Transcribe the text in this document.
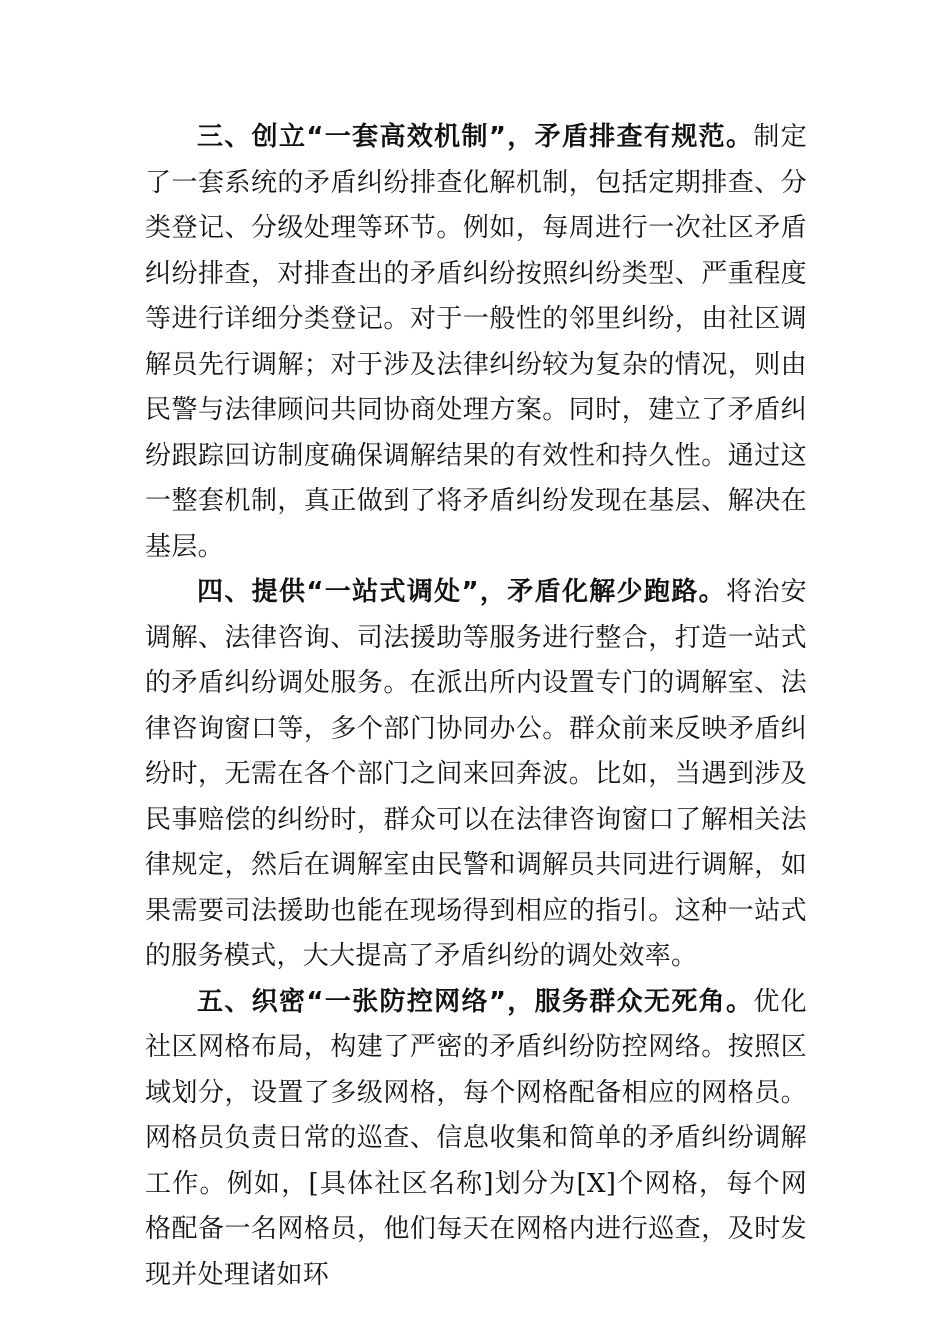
三、创立“一套高效机制”，矛盾排查有规范。制定了一套系统的矛盾纠纷排查化解机制，包括定期排查、分类登记、分级处理等环节。例如，每周进行一次社区矛盾纠纷排查，对排查出的矛盾纠纷按照纠纷类型、严重程度等进行详细分类登记。对于一般性的邻里纠纷，由社区调解员先行调解；对于涉及法律纠纷较为复杂的情况，则由民警与法律顾问共同协商处理方案。同时，建立了矛盾纠纷跟踪回访制度确保调解结果的有效性和持久性。通过这一整套机制，真正做到了将矛盾纠纷发现在基层、解决在基层。

四、提供“一站式调处”，矛盾化解少跑路。将治安调解、法律咨询、司法援助等服务进行整合，打造一站式的矛盾纠纷调处服务。在派出所内设置专门的调解室、法律咨询窗口等，多个部门协同办公。群众前来反映矛盾纠纷时，无需在各个部门之间来回奔波。比如，当遇到涉及民事赔偿的纠纷时，群众可以在法律咨询窗口了解相关法律规定，然后在调解室由民警和调解员共同进行调解，如果需要司法援助也能在现场得到相应的指引。这种一站式的服务模式，大大提高了矛盾纠纷的调处效率。

五、织密“一张防控网络”，服务群众无死角。优化社区网格布局，构建了严密的矛盾纠纷防控网络。按照区域划分，设置了多级网格，每个网格配备相应的网格员。网格员负责日常的巡查、信息收集和简单的矛盾纠纷调解工作。例如，[具体社区名称]划分为[X]个网格，每个网格配备一名网格员，他们每天在网格内进行巡查，及时发现并处理诸如环
